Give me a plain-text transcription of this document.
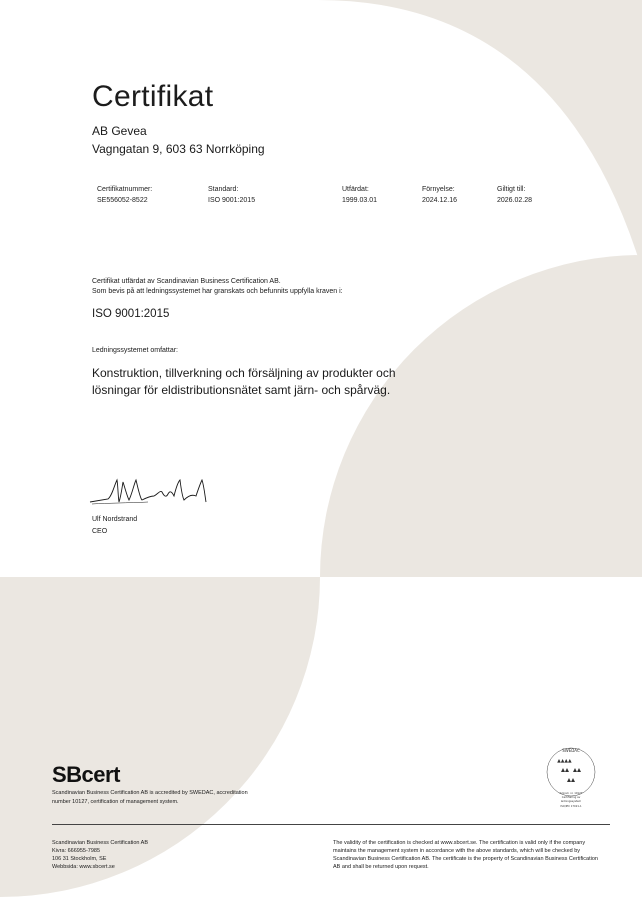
Certifikat
AB Gevea
Vagngatan 9, 603 63 Norrköping
Certifikatnummer:
SE556052-8522
Standard:
ISO 9001:2015
Utfärdat:
1999.03.01
Förnyelse:
2024.12.16
Giltigt till:
2026.02.28
Certifikat utfärdat av Scandinavian Business Certification AB.
Som bevis på att ledningssystemet har granskats och befunnits uppfylla kraven i:
ISO 9001:2015
Ledningssystemet omfattar:
Konstruktion, tillverkning och försäljning av produkter och
lösningar för eldistributionsnätet samt järn- och spårväg.
Ulf Nordstrand
CEO
SBcert
Scandinavian Business Certification AB is accredited by SWEDAC, accreditation
number 10127, certification of management system.
Ackred. nr. 10127
Certifiering av
ledningssystem
ISO/IEC 17021-1
SWEDAC
Scandinavian Business Certification AB
Kivra: 666955-7985
106 31 Stockholm, SE
Webbsida: www.sbcert.se
The validity of the certification is checked at www.sbcert.se. The certification is valid only if the company
maintains the management system in accordance with the above standards, which will be checked by
Scandinavian Business Certification AB. The certificate is the property of Scandinavian Business Certification
AB and shall be returned upon request.
